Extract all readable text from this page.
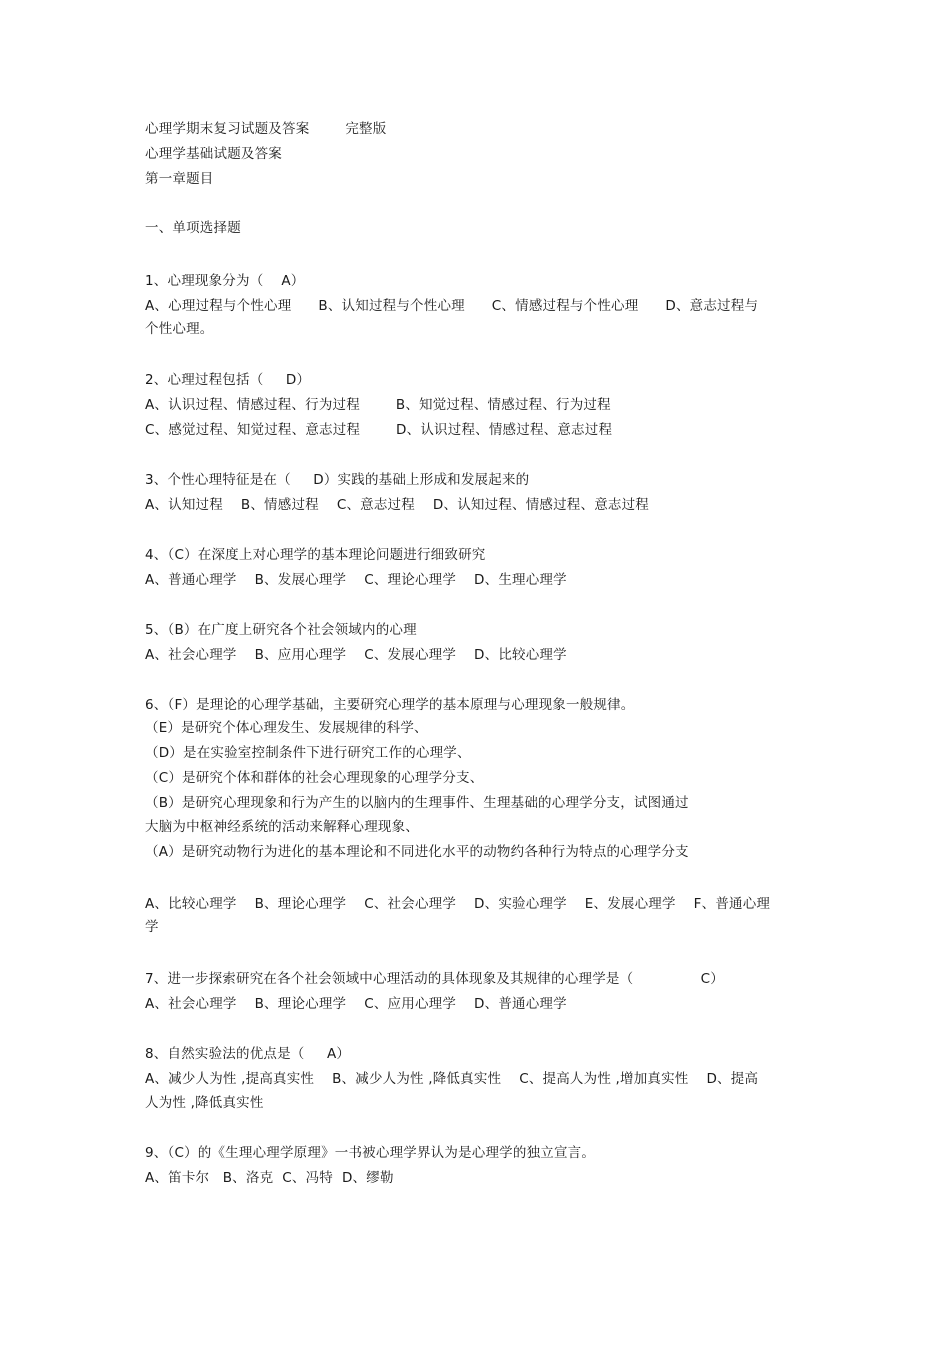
心理学期末复习试题及答案        完整版
心理学基础试题及答案
第一章题目
一、单项选择题
1、心理现象分为（    A）
A、心理过程与个性心理      B、认知过程与个性心理      C、情感过程与个性心理      D、意志过程与
个性心理。
2、心理过程包括（     D）
A、认识过程、情感过程、行为过程        B、知觉过程、情感过程、行为过程
C、感觉过程、知觉过程、意志过程        D、认识过程、情感过程、意志过程
3、个性心理特征是在（     D）实践的基础上形成和发展起来的
A、认知过程    B、情感过程    C、意志过程    D、认知过程、情感过程、意志过程
4、（C）在深度上对心理学的基本理论问题进行细致研究
A、普通心理学    B、发展心理学    C、理论心理学    D、生理心理学
5、（B）在广度上研究各个社会领域内的心理
A、社会心理学    B、应用心理学    C、发展心理学    D、比较心理学
6、（F）是理论的心理学基础，主要研究心理学的基本原理与心理现象一般规律。
（E）是研究个体心理发生、发展规律的科学、
（D）是在实验室控制条件下进行研究工作的心理学、
（C）是研究个体和群体的社会心理现象的心理学分支、
（B）是研究心理现象和行为产生的以脑内的生理事件、生理基础的心理学分支，试图通过
大脑为中枢神经系统的活动来解释心理现象、
（A）是研究动物行为进化的基本理论和不同进化水平的动物约各种行为特点的心理学分支
A、比较心理学    B、理论心理学    C、社会心理学    D、实验心理学    E、发展心理学    F、普通心理
学
7、进一步探索研究在各个社会领域中心理活动的具体现象及其规律的心理学是（               C）
A、社会心理学    B、理论心理学    C、应用心理学    D、普通心理学
8、自然实验法的优点是（     A）
A、减少人为性 ,提高真实性    B、减少人为性 ,降低真实性    C、提高人为性 ,增加真实性    D、提高
人为性 ,降低真实性
9、（C）的《生理心理学原理》一书被心理学界认为是心理学的独立宣言。
A、笛卡尔   B、洛克  C、冯特  D、缪勒
